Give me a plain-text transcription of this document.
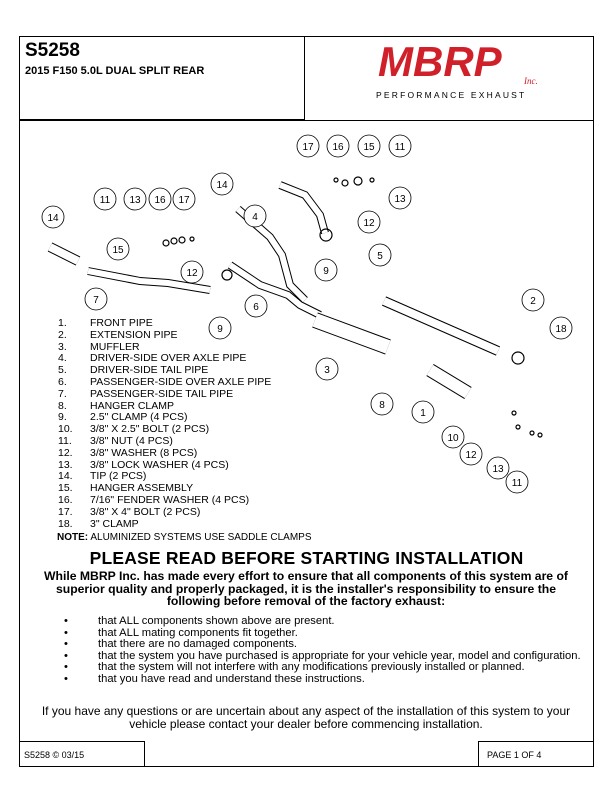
S5258
2015 F150 5.0L DUAL SPLIT REAR	MBRP Inc.
PERFORMANCE EXHAUST
17 16 15 11
13
14
11 13 16 17
12
14
15
12
4
5
9
7
6
2
9	18
3
8
1
10
12
13
11
1.	FRONT PIPE
2.	EXTENSION PIPE
3.	MUFFLER
4.	DRIVER-SIDE OVER AXLE PIPE
5.	DRIVER-SIDE TAIL PIPE
6.	PASSENGER-SIDE OVER AXLE PIPE
7.	PASSENGER-SIDE TAIL PIPE
8.	HANGER CLAMP
9.	2.5" CLAMP (4 PCS)
10.	3/8" X 2.5" BOLT (2 PCS)
11.	3/8" NUT (4 PCS)
12.	3/8" WASHER (8 PCS)
13.	3/8" LOCK WASHER (4 PCS)
14.	TIP (2 PCS)
15.	HANGER ASSEMBLY
16.	7/16" FENDER WASHER (4 PCS)
17.	3/8" X 4" BOLT (2 PCS)
18.	3" CLAMP
NOTE: ALUMINIZED SYSTEMS USE SADDLE CLAMPS
PLEASE READ BEFORE STARTING INSTALLATION
While MBRP Inc. has made every effort to ensure that all components of this system are of superior quality and properly packaged, it is the installer's responsibility to ensure the following before removal of the factory exhaust:
•	that ALL components shown above are present.
•	that ALL mating components fit together.
•	that there are no damaged components.
•	that the system you have purchased is appropriate for your vehicle year, model and configuration.
•	that the system will not interfere with any modifications previously installed or planned.
•	that you have read and understand these instructions.
If you have any questions or are uncertain about any aspect of the installation of this system to your vehicle please contact your dealer before commencing installation.
S5258 © 03/15	PAGE 1 OF 4
